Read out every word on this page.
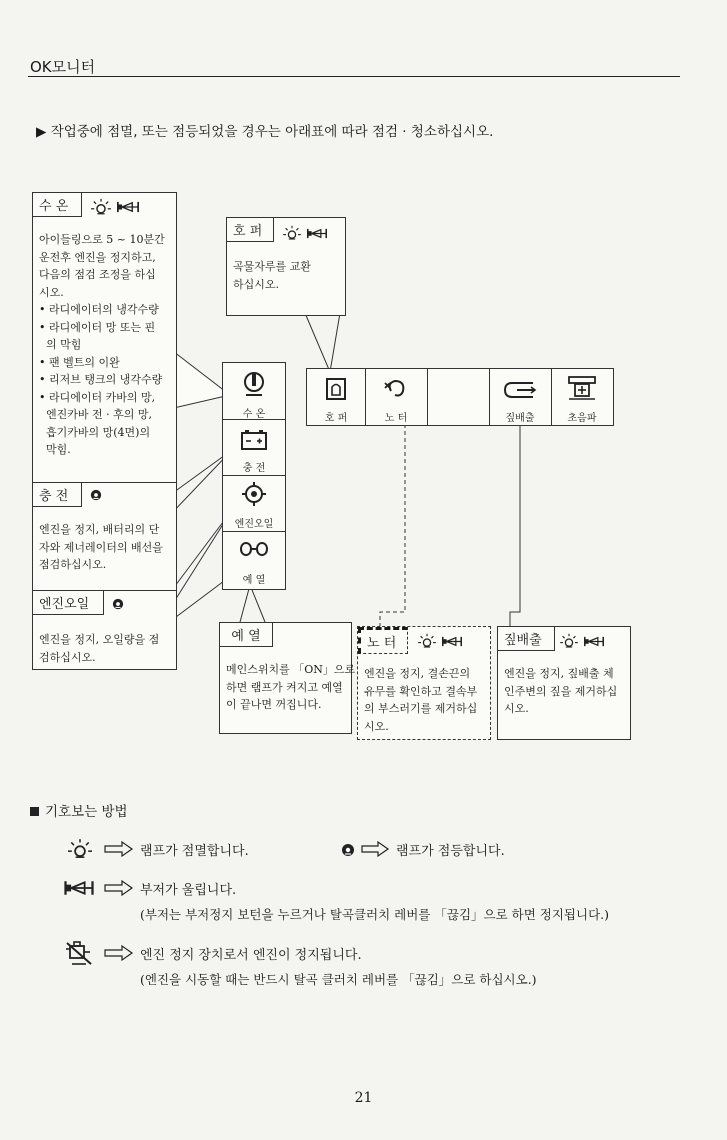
OK모니터
▶ 작업중에 점멸, 또는 점등되었을 경우는 아래표에 따라 점검 · 청소하십시오.
수 온
아이들링으로 5 ~ 10분간
운전후 엔진을 정지하고,
다음의 점검 조정을 하십
시오.
• 라디에이터의 냉각수량
• 라디에이터 망 또는 핀
의 막힘
• 팬 벨트의 이완
• 리저브 탱크의 냉각수량
• 라디에이터 카바의 망,
엔진카바 전 · 후의 망,
흡기카바의 망(4면)의
막힘.
충 전
엔진을 정지, 배터리의 단
자와 제너레이터의 배선을
점검하십시오.
엔진오일
엔진을 정지, 오일량을 점
검하십시오.
호 퍼
곡물자루를 교환
하십시오.
수 온
충 전
엔진오일
예 열
호 퍼	노 터	짚배출	초음파
예 열
메인스위치를 「ON」으로
하면 램프가 켜지고 예열
이 끝나면 꺼집니다.
노 터
엔진을 정지, 결손끈의
유무를 확인하고 결속부
의 부스러기를 제거하십
시오.
짚배출
엔진을 정지, 짚배출 체
인주변의 짚을 제거하십
시오.
기호보는 방법
램프가 점멸합니다.	램프가 점등합니다.
부저가 울립니다.
(부저는 부저정지 보턴을 누르거나 탈곡클러치 레버를 「끊김」으로 하면 정지됩니다.)
엔진 정지 장치로서 엔진이 정지됩니다.
(엔진을 시동할 때는 반드시 탈곡 클러치 레버를 「끊김」으로 하십시오.)
21
